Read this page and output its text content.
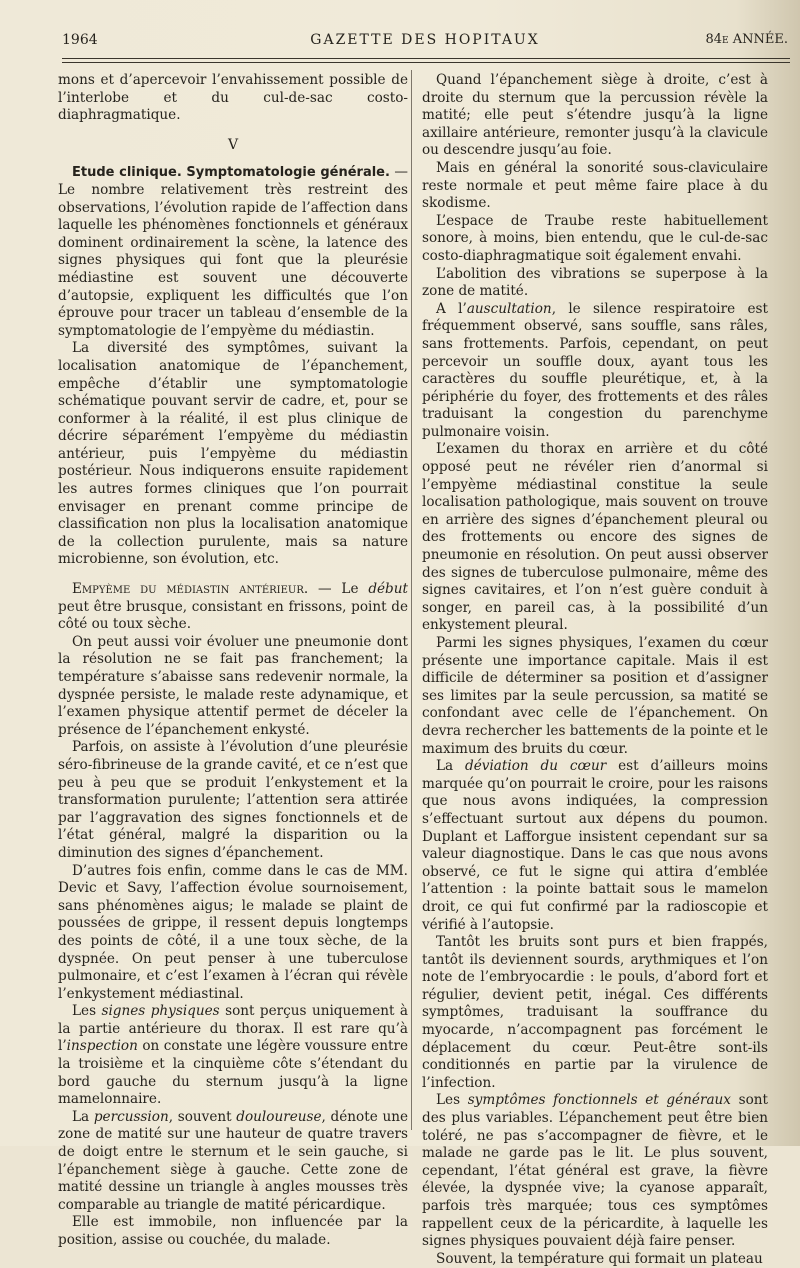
1964	GAZETTE DES HOPITAUX	84e ANNÉE.

mons et d’apercevoir l’envahissement possible de l’interlobe et du cul-de-sac costo-diaphragmatique.

V

Etude clinique. Symptomatologie générale. — Le nombre relativement très restreint des observations, l’évolution rapide de l’affection dans laquelle les phénomènes fonctionnels et généraux dominent ordinairement la scène, la latence des signes physiques qui font que la pleurésie médiastine est souvent une découverte d’autopsie, expliquent les difficultés que l’on éprouve pour tracer un tableau d’ensemble de la symptomatologie de l’empyème du médiastin.

La diversité des symptômes, suivant la localisation anatomique de l’épanchement, empêche d’établir une symptomatologie schématique pouvant servir de cadre, et, pour se conformer à la réalité, il est plus clinique de décrire séparément l’empyème du médiastin antérieur, puis l’empyème du médiastin postérieur. Nous indiquerons ensuite rapidement les autres formes cliniques que l’on pourrait envisager en prenant comme principe de classification non plus la localisation anatomique de la collection purulente, mais sa nature microbienne, son évolution, etc.

Empyème du médiastin antérieur. — Le début peut être brusque, consistant en frissons, point de côté ou toux sèche.

On peut aussi voir évoluer une pneumonie dont la résolution ne se fait pas franchement; la température s’abaisse sans redevenir normale, la dyspnée persiste, le malade reste adynamique, et l’examen physique attentif permet de déceler la présence de l’épanchement enkysté.

Parfois, on assiste à l’évolution d’une pleurésie séro-fibrineuse de la grande cavité, et ce n’est que peu à peu que se produit l’enkystement et la transformation purulente; l’attention sera attirée par l’aggravation des signes fonctionnels et de l’état général, malgré la disparition ou la diminution des signes d’épanchement.

D’autres fois enfin, comme dans le cas de MM. Devic et Savy, l’affection évolue sournoisement, sans phénomènes aigus; le malade se plaint de poussées de grippe, il ressent depuis longtemps des points de côté, il a une toux sèche, de la dyspnée. On peut penser à une tuberculose pulmonaire, et c’est l’examen à l’écran qui révèle l’enkystement médiastinal.

Les signes physiques sont perçus uniquement à la partie antérieure du thorax. Il est rare qu’à l’inspection on constate une légère voussure entre la troisième et la cinquième côte s’étendant du bord gauche du sternum jusqu’à la ligne mamelonnaire.

La percussion, souvent douloureuse, dénote une zone de matité sur une hauteur de quatre travers de doigt entre le sternum et le sein gauche, si l’épanchement siège à gauche. Cette zone de matité dessine un triangle à angles mousses très comparable au triangle de matité péricardique.

Elle est immobile, non influencée par la position, assise ou couchée, du malade.

Quand l’épanchement siège à droite, c’est à droite du sternum que la percussion révèle la matité; elle peut s’étendre jusqu’à la ligne axillaire antérieure, remonter jusqu’à la clavicule ou descendre jusqu’au foie.

Mais en général la sonorité sous-claviculaire reste normale et peut même faire place à du skodisme.

L’espace de Traube reste habituellement sonore, à moins, bien entendu, que le cul-de-sac costo-diaphragmatique soit également envahi.

L’abolition des vibrations se superpose à la zone de matité.

A l’auscultation, le silence respiratoire est fréquemment observé, sans souffle, sans râles, sans frottements. Parfois, cependant, on peut percevoir un souffle doux, ayant tous les caractères du souffle pleurétique, et, à la périphérie du foyer, des frottements et des râles traduisant la congestion du parenchyme pulmonaire voisin.

L’examen du thorax en arrière et du côté opposé peut ne révéler rien d’anormal si l’empyème médiastinal constitue la seule localisation pathologique, mais souvent on trouve en arrière des signes d’épanchement pleural ou des frottements ou encore des signes de pneumonie en résolution. On peut aussi observer des signes de tuberculose pulmonaire, même des signes cavitaires, et l’on n’est guère conduit à songer, en pareil cas, à la possibilité d’un enkystement pleural.

Parmi les signes physiques, l’examen du cœur présente une importance capitale. Mais il est difficile de déterminer sa position et d’assigner ses limites par la seule percussion, sa matité se confondant avec celle de l’épanchement. On devra rechercher les battements de la pointe et le maximum des bruits du cœur.

La déviation du cœur est d’ailleurs moins marquée qu’on pourrait le croire, pour les raisons que nous avons indiquées, la compression s’effectuant surtout aux dépens du poumon. Duplant et Lafforgue insistent cependant sur sa valeur diagnostique. Dans le cas que nous avons observé, ce fut le signe qui attira d’emblée l’attention : la pointe battait sous le mamelon droit, ce qui fut confirmé par la radioscopie et vérifié à l’autopsie.

Tantôt les bruits sont purs et bien frappés, tantôt ils deviennent sourds, arythmiques et l’on note de l’embryocardie : le pouls, d’abord fort et régulier, devient petit, inégal. Ces différents symptômes, traduisant la souffrance du myocarde, n’accompagnent pas forcément le déplacement du cœur. Peut-être sont-ils conditionnés en partie par la virulence de l’infection.

Les symptômes fonctionnels et généraux sont des plus variables. L’épanchement peut être bien toléré, ne pas s’accompagner de fièvre, et le malade ne garde pas le lit. Le plus souvent, cependant, l’état général est grave, la fièvre élevée, la dyspnée vive; la cyanose apparaît, parfois très marquée; tous ces symptômes rappellent ceux de la péricardite, à laquelle les signes physiques pouvaient déjà faire penser.

Souvent, la température qui formait un plateau
